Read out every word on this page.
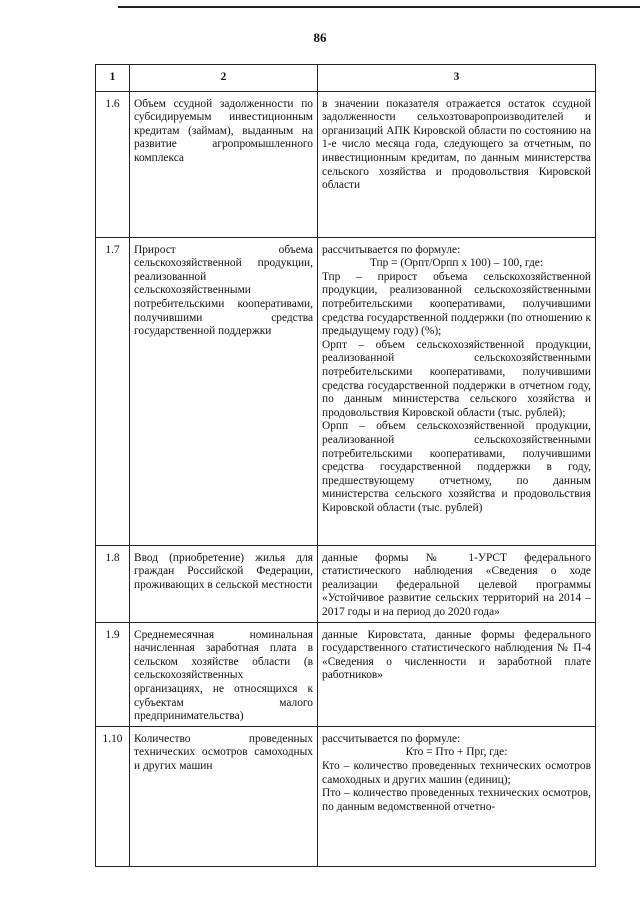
86
1	2	3
1.6	Объем ссудной задолженности по субсидируемым инвестиционным кредитам (займам), выданным на развитие агропромышленного комплекса	в значении показателя отражается остаток ссудной задолженности сельхозтоваропроизводителей и организаций АПК Кировской области по состоянию на 1-е число месяца года, следующего за отчетным, по инвестиционным кредитам, по данным министерства сельского хозяйства и продовольствия Кировской области

1.7	Прирост объема сельскохозяйственной продукции, реализованной сельскохозяйственными потребительскими кооперативами, получившими средства государственной поддержки	рассчитывается по формуле:

Тпр = (Орпт/Орпп х 100) – 100, где:

Тпр – прирост объема сельскохозяйственной продукции, реализованной сельскохозяйственными потребительскими кооперативами, получившими средства государственной поддержки (по отношению к предыдущему году) (%);

Орпт – объем сельскохозяйственной продукции, реализованной сельскохозяйственными потребительскими кооперативами, получившими средства государственной поддержки в отчетном году, по данным министерства сельского хозяйства и продовольствия Кировской области (тыс. рублей);

Орпп – объем сельскохозяйственной продукции, реализованной сельскохозяйственными потребительскими кооперативами, получившими средства государственной поддержки в году, предшествующему отчетному, по данным министерства сельского хозяйства и продовольствия Кировской области (тыс. рублей)

1.8	Ввод (приобретение) жилья для граждан Российской Федерации, проживающих в сельской местности	данные формы № 1-УРСТ федерального статистического наблюдения «Сведения о ходе реализации федеральной целевой программы «Устойчивое развитие сельских территорий на 2014 – 2017 годы и на период до 2020 года»

1.9	Среднемесячная номинальная начисленная заработная плата в сельском хозяйстве области (в сельскохозяйственных организациях, не относящихся к субъектам малого предпринимательства)	данные Кировстата, данные формы федерального государственного статистического наблюдения № П-4 «Сведения о численности и заработной плате работников»

1.10	Количество проведенных технических осмотров самоходных и других машин	рассчитывается по формуле:

Кто = Пто + Прг, где:

Кто – количество проведенных технических осмотров самоходных и других машин (единиц);

Пто – количество проведенных технических осмотров, по данным ведомственной отчетно-
